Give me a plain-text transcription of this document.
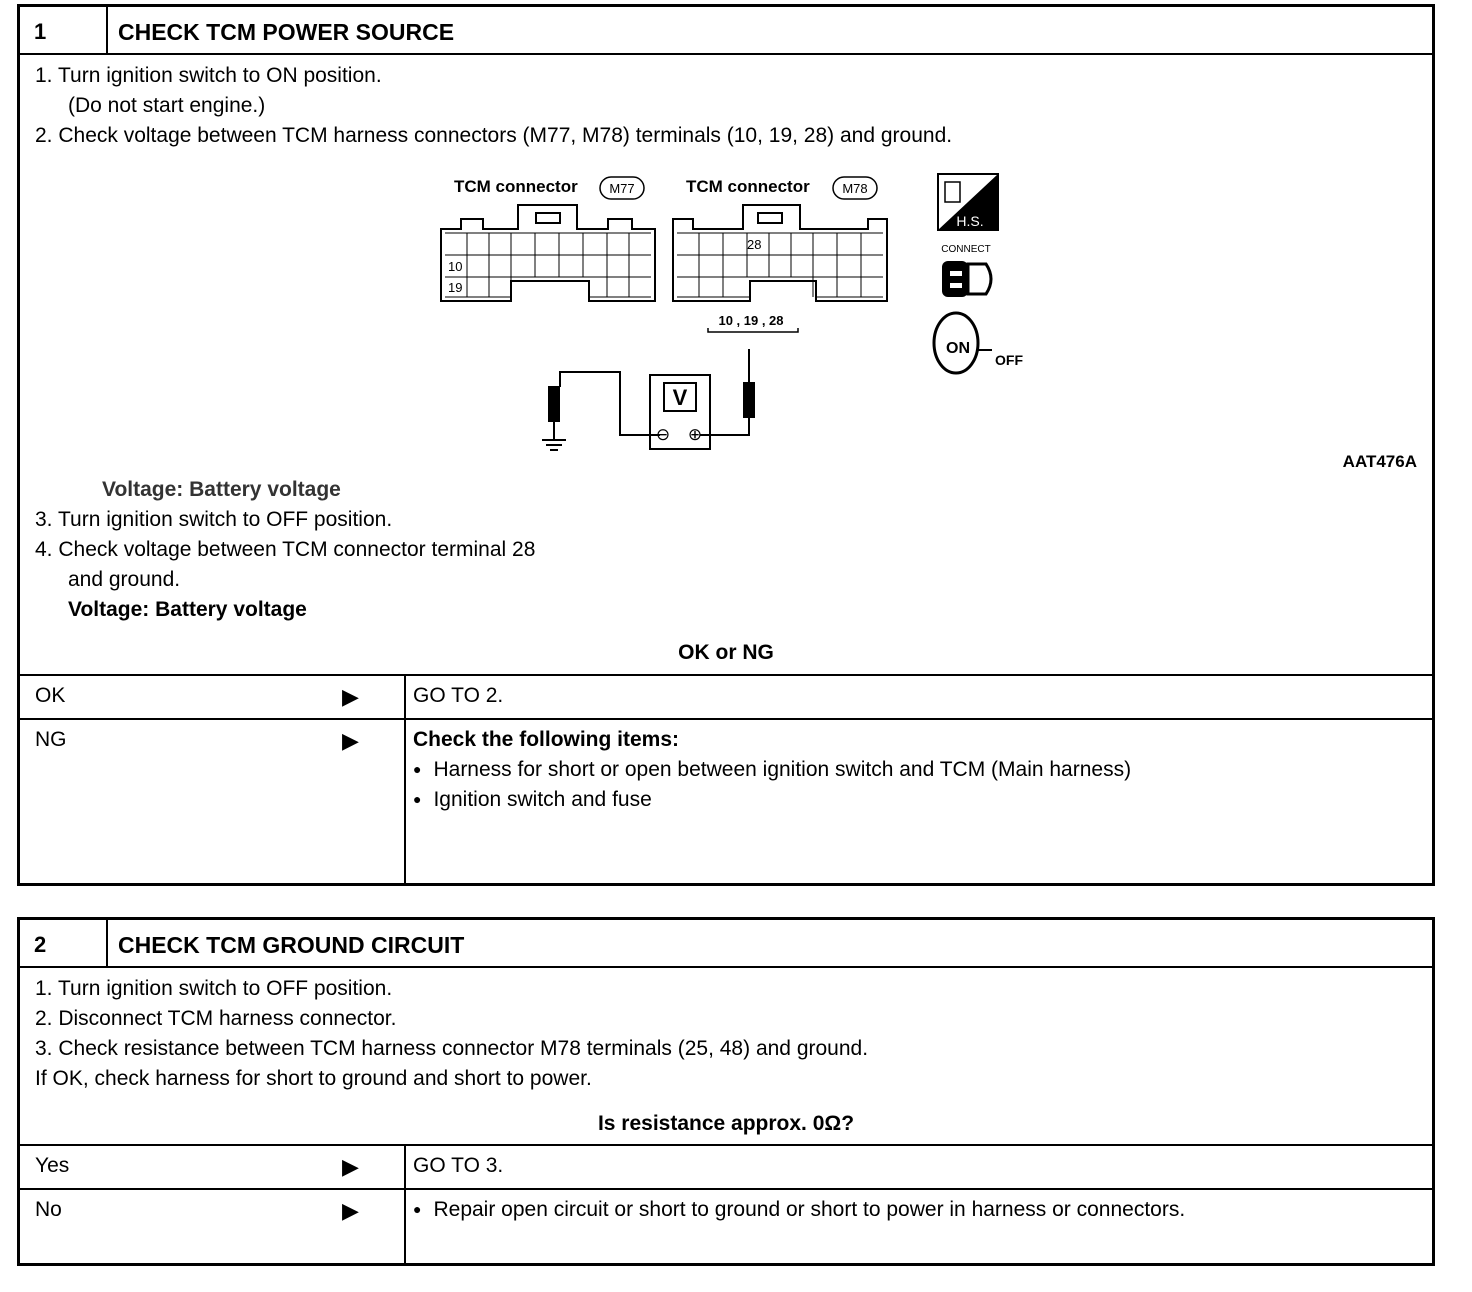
1	CHECK TCM POWER SOURCE
1. Turn ignition switch to ON position.
(Do not start engine.)
2. Check voltage between TCM harness connectors (M77, M78) terminals (10, 19, 28) and ground.
TCM connector M77	TCM connector	M78
10
19
28
10 , 19 , 28
V
⊖ ⊕
H.S.
CONNECT
ON
OFF
AAT476A
Voltage: Battery voltage
3. Turn ignition switch to OFF position.
4. Check voltage between TCM connector terminal 28
and ground.
Voltage: Battery voltage
OK or NG
OK	▶	GO TO 2.
NG	▶	Check the following items:
● Harness for short or open between ignition switch and TCM (Main harness)
● Ignition switch and fuse
2	CHECK TCM GROUND CIRCUIT
1. Turn ignition switch to OFF position.
2. Disconnect TCM harness connector.
3. Check resistance between TCM harness connector M78 terminals (25, 48) and ground.
If OK, check harness for short to ground and short to power.
Is resistance approx. 0Ω?
Yes	▶	GO TO 3.
No	▶
●	Repair open circuit or short to ground or short to power in harness or connectors.
